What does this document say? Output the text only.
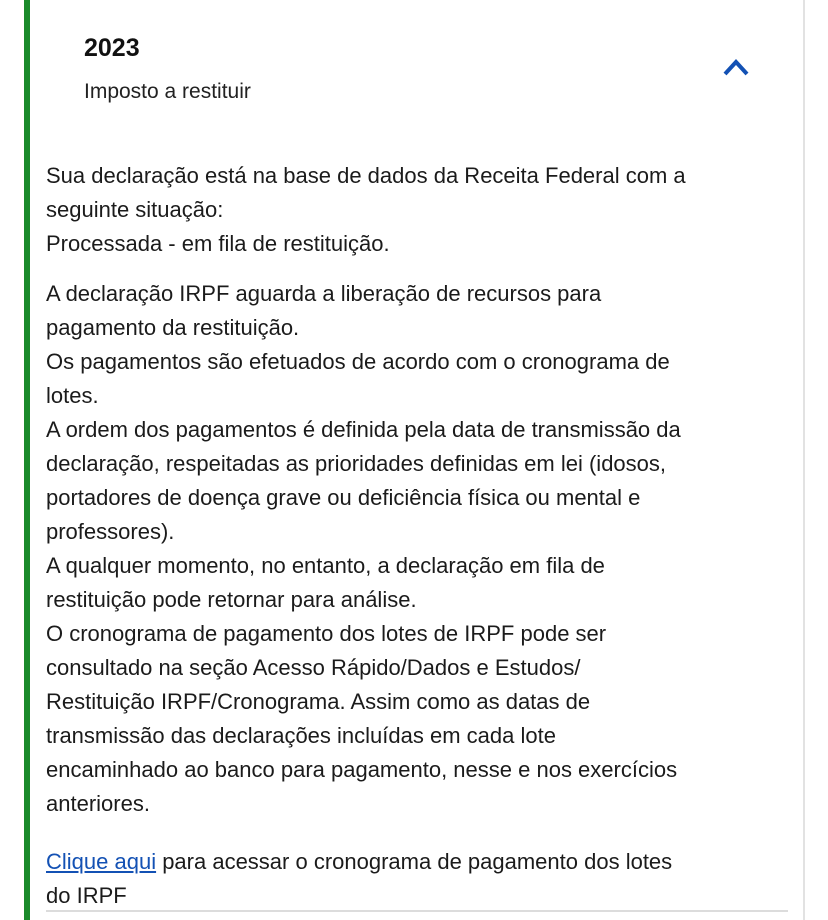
2023
Imposto a restituir
Sua declaração está na base de dados da Receita Federal com a
seguinte situação:
Processada - em fila de restituição.
A declaração IRPF aguarda a liberação de recursos para
pagamento da restituição.
Os pagamentos são efetuados de acordo com o cronograma de
lotes.
A ordem dos pagamentos é definida pela data de transmissão da
declaração, respeitadas as prioridades definidas em lei (idosos,
portadores de doença grave ou deficiência física ou mental e
professores).
A qualquer momento, no entanto, a declaração em fila de
restituição pode retornar para análise.
O cronograma de pagamento dos lotes de IRPF pode ser
consultado na seção Acesso Rápido/Dados e Estudos/
Restituição IRPF/Cronograma. Assim como as datas de
transmissão das declarações incluídas em cada lote
encaminhado ao banco para pagamento, nesse e nos exercícios
anteriores.
Clique aqui para acessar o cronograma de pagamento dos lotes
do IRPF
